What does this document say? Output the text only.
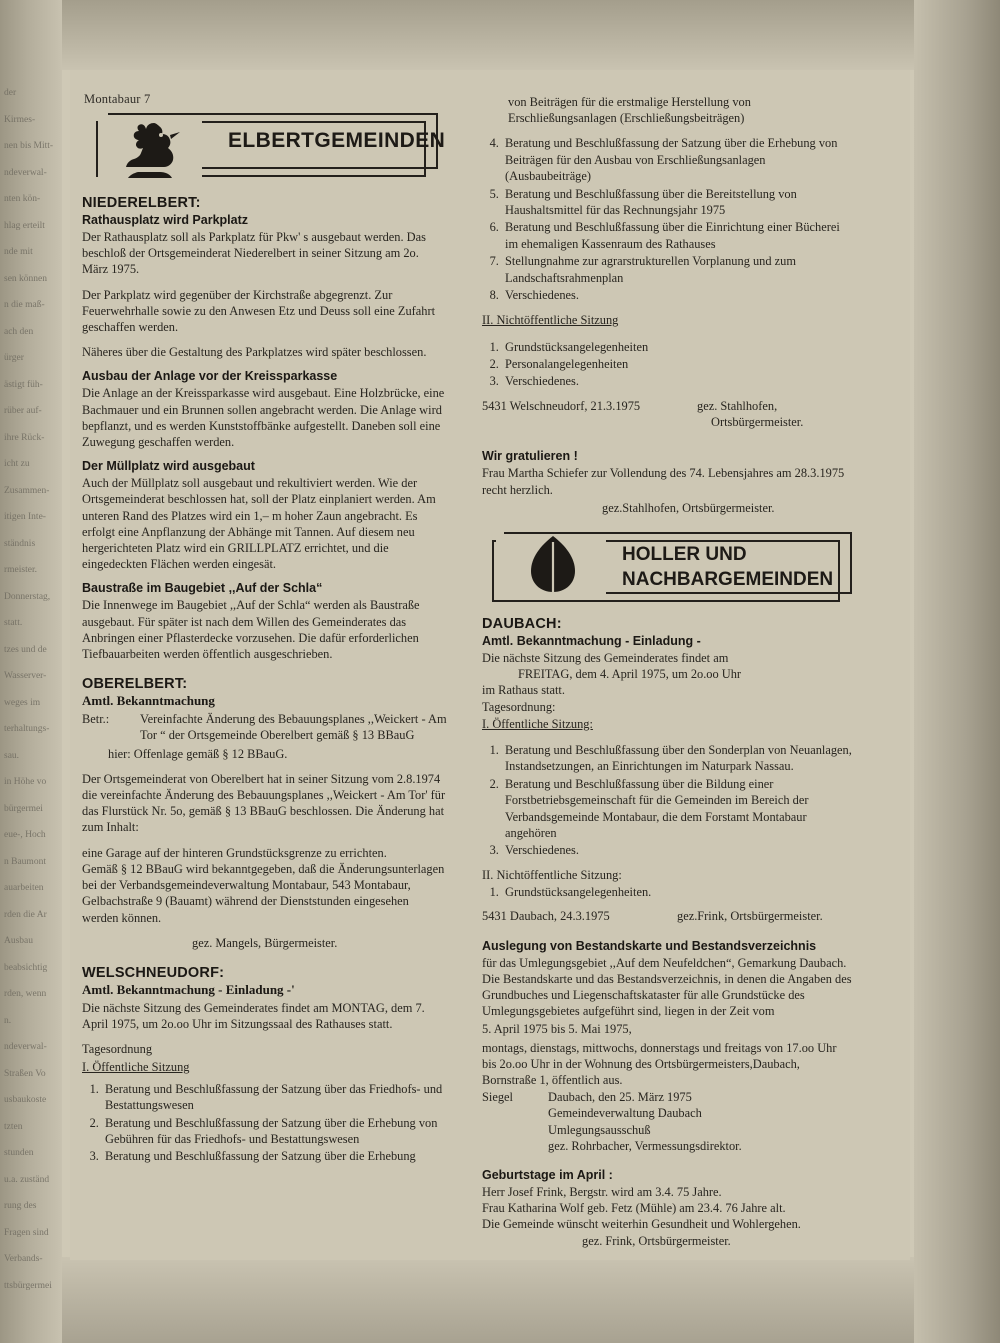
der

Kirmes-

nen bis Mitt-

ndeverwal-

nten kön-

hlag erteilt

nde mit

sen können

n die maß-

ach den

ürger

ästigt füh-

rüber auf-

ihre Rück-

icht zu

Zusammen-

itigen Inte-

ständnis

rmeister.

Donnerstag,

statt.

tzes und de

Wasserver-

weges im

terhaltungs-

sau.

in Höhe vo

bürgermei

eue-, Hoch

n Baumont

auarbeiten

rden die Ar

Ausbau

beabsichtig

rden, wenn

n.

ndeverwal-

Straßen Vo

usbaukoste

tzten

stunden

u.a. zuständ

rung des

Fragen sind

Verbands-

ttsbürgermei

Montabaur 7
ELBERTGEMEINDEN
NIEDERELBERT:
Rathausplatz wird Parkplatz

Der Rathausplatz soll als Parkplatz für Pkw' s ausgebaut werden. Das beschloß der Ortsgemeinderat Niederelbert in seiner Sitzung am 2o. März 1975.

Der Parkplatz wird gegenüber der Kirchstraße abgegrenzt. Zur Feuerwehrhalle sowie zu den Anwesen Etz und Deuss soll eine Zufahrt geschaffen werden.

Näheres über die Gestaltung des Parkplatzes wird später beschlossen.

Ausbau der Anlage vor der Kreissparkasse

Die Anlage an der Kreissparkasse wird ausgebaut. Eine Holzbrücke, eine Bachmauer und ein Brunnen sollen angebracht werden. Die Anlage wird bepflanzt, und es werden Kunststoffbänke aufgestellt. Daneben soll eine Zuwegung geschaffen werden.

Der Müllplatz wird ausgebaut

Auch der Müllplatz soll ausgebaut und rekultiviert werden. Wie der Ortsgemeinderat beschlossen hat, soll der Platz einplaniert werden. Am unteren Rand des Platzes wird ein 1,– m hoher Zaun angebracht. Es erfolgt eine Anpflanzung der Abhänge mit Tannen. Auf diesem neu hergerichteten Platz wird ein GRILLPLATZ errichtet, und die eingedeckten Flächen werden eingesät.

Baustraße im Baugebiet ,,Auf der Schla“

Die Innenwege im Baugebiet ,,Auf der Schla“ werden als Baustraße ausgebaut. Für später ist nach dem Willen des Gemeinderates das Anbringen einer Pflasterdecke vorzusehen. Die dafür erforderlichen Tiefbauarbeiten werden öffentlich ausgeschrieben.

OBERELBERT:
Amtl. Bekanntmachung

Betr.:	Vereinfachte Änderung des Bebauungsplanes ,,Weickert - Am Tor “ der Ortsgemeinde Oberelbert gemäß § 13 BBauG

hier: Offenlage gemäß § 12 BBauG.

Der Ortsgemeinderat von Oberelbert hat in seiner Sitzung vom 2.8.1974 die vereinfachte Änderung des Bebauungsplanes ,,Weickert - Am Tor' für das Flurstück Nr. 5o, gemäß § 13 BBauG beschlossen. Die Änderung hat zum Inhalt:

eine Garage auf der hinteren Grundstücksgrenze zu errichten.

Gemäß § 12 BBauG wird bekanntgegeben, daß die Änderungsunterlagen bei der Verbandsgemeindeverwaltung Montabaur, 543 Montabaur, Gelbachstraße 9 (Bauamt) während der Dienststunden eingesehen werden können.

gez. Mangels, Bürgermeister.

WELSCHNEUDORF:
Amtl. Bekanntmachung - Einladung -'

Die nächste Sitzung des Gemeinderates findet am MONTAG, dem 7. April 1975, um 2o.oo Uhr im Sitzungssaal des Rathauses statt.

Tagesordnung

I. Öffentliche Sitzung

1. Beratung und Beschlußfassung der Satzung über das Friedhofs- und Bestattungswesen
2. Beratung und Beschlußfassung der Satzung über die Erhebung von Gebühren für das Friedhofs- und Bestattungswesen
3. Beratung und Beschlußfassung der Satzung über die Erhebung

von Beiträgen für die erstmalige Herstellung von Erschließungsanlagen (Erschließungsbeiträgen)

4. Beratung und Beschlußfassung der Satzung über die Erhebung von Beiträgen für den Ausbau von Erschließungsanlagen (Ausbaubeiträge)
5. Beratung und Beschlußfassung über die Bereitstellung von Haushaltsmittel für das Rechnungsjahr 1975
6. Beratung und Beschlußfassung über die Einrichtung einer Bücherei im ehemaligen Kassenraum des Rathauses
7. Stellungnahme zur agrarstrukturellen Vorplanung und zum Landschaftsrahmenplan
8. Verschiedenes.

II. Nichtöffentliche Sitzung

1. Grundstücksangelegenheiten
2. Personalangelegenheiten
3. Verschiedenes.

5431 Welschneudorf, 21.3.1975	gez. Stahlhofen,

Ortsbürgermeister.

Wir gratulieren !

Frau Martha Schiefer zur Vollendung des 74. Lebensjahres am 28.3.1975 recht herzlich.

gez.Stahlhofen, Ortsbürgermeister.

HOLLER UND
NACHBARGEMEINDEN
DAUBACH:
Amtl. Bekanntmachung - Einladung -

Die nächste Sitzung des Gemeinderates findet am

FREITAG, dem 4. April 1975, um 2o.oo Uhr

im Rathaus statt.

Tagesordnung:

I. Öffentliche Sitzung:

1. Beratung und Beschlußfassung über den Sonderplan von Neuanlagen, Instandsetzungen, an Einrichtungen im Naturpark Nassau.
2. Beratung und Beschlußfassung über die Bildung einer Forstbetriebsgemeinschaft für die Gemeinden im Bereich der Verbandsgemeinde Montabaur, die dem Forstamt Montabaur angehören
3. Verschiedenes.

II. Nichtöffentliche Sitzung:

1. Grundstücksangelegenheiten.

5431 Daubach, 24.3.1975	gez.Frink, Ortsbürgermeister.

Auslegung von Bestandskarte und Bestandsverzeichnis

für das Umlegungsgebiet ,,Auf dem Neufeldchen“, Gemarkung Daubach.

Die Bestandskarte und das Bestandsverzeichnis, in denen die Angaben des Grundbuches und Liegenschaftskataster für alle Grundstücke des Umlegungsgebietes aufgeführt sind, liegen in der Zeit vom

5. April 1975 bis 5. Mai 1975,

montags, dienstags, mittwochs, donnerstags und freitags von 17.oo Uhr bis 2o.oo Uhr in der Wohnung des Ortsbürgermeisters,Daubach, Bornstraße 1, öffentlich aus.

Siegel	Daubach, den 25. März 1975

Gemeindeverwaltung Daubach

Umlegungsausschuß

gez. Rohrbacher, Vermessungsdirektor.

Geburtstage im April :

Herr Josef Frink, Bergstr. wird am 3.4. 75 Jahre.

Frau Katharina Wolf geb. Fetz (Mühle) am 23.4. 76 Jahre alt.

Die Gemeinde wünscht weiterhin Gesundheit und Wohlergehen.

gez. Frink, Ortsbürgermeister.
